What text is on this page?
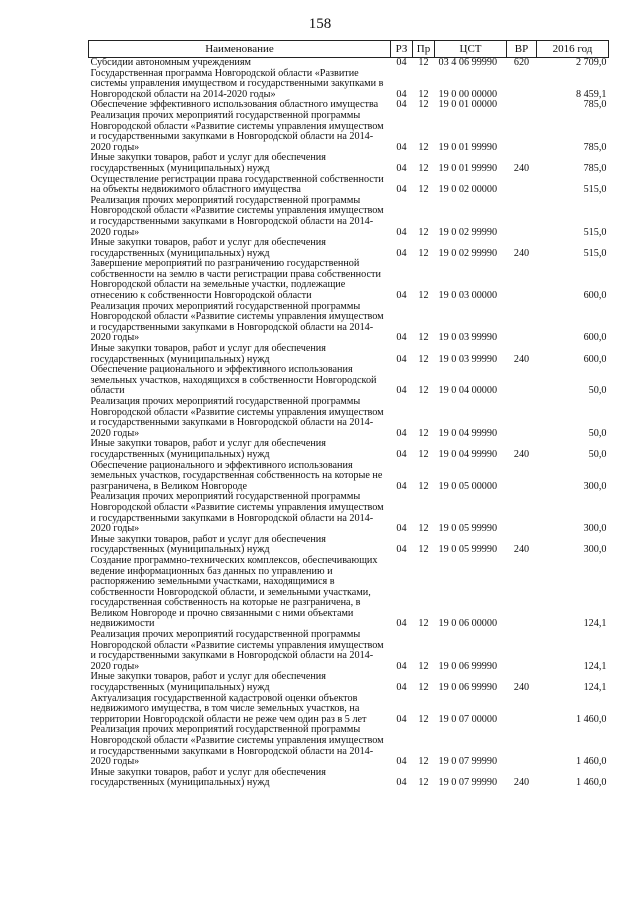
158
Наименование	РЗ	Пр	ЦСТ	ВР	2016 год
Субсидии автономным учреждениям	04	12	03 4 06 99990	620	2 709,0
Государственная программа Новгородской области «Развитие системы управления имуществом и государственными закупками в Новгородской области на 2014-2020 годы»	04	12	19 0 00 00000		8 459,1
Обеспечение эффективного использования областного имущества	04	12	19 0 01 00000		785,0
Реализация прочих мероприятий государственной программы Новгородской области «Развитие системы управления имуществом и государственными закупками в Новгородской области на 2014-2020 годы»	04	12	19 0 01 99990		785,0
Иные закупки товаров, работ и услуг для обеспечения государственных (муниципальных) нужд	04	12	19 0 01 99990	240	785,0
Осуществление регистрации права государственной собственности на объекты недвижимого областного имущества	04	12	19 0 02 00000		515,0
Реализация прочих мероприятий государственной программы Новгородской области «Развитие системы управления имуществом и государственными закупками в Новгородской области на 2014-2020 годы»	04	12	19 0 02 99990		515,0
Иные закупки товаров, работ и услуг для обеспечения государственных (муниципальных) нужд	04	12	19 0 02 99990	240	515,0
Завершение мероприятий по разграничению государственной собственности на землю в части регистрации права собственности Новгородской области на земельные участки, подлежащие отнесению к собственности Новгородской области	04	12	19 0 03 00000		600,0
Реализация прочих мероприятий государственной программы Новгородской области «Развитие системы управления имуществом и государственными закупками в Новгородской области на 2014-2020 годы»	04	12	19 0 03 99990		600,0
Иные закупки товаров, работ и услуг для обеспечения государственных (муниципальных) нужд	04	12	19 0 03 99990	240	600,0
Обеспечение рационального и эффективного использования земельных участков, находящихся в собственности Новгородской области	04	12	19 0 04 00000		50,0
Реализация прочих мероприятий государственной программы Новгородской области «Развитие системы управления имуществом и государственными закупками в Новгородской области на 2014-2020 годы»	04	12	19 0 04 99990		50,0
Иные закупки товаров, работ и услуг для обеспечения государственных (муниципальных) нужд	04	12	19 0 04 99990	240	50,0
Обеспечение рационального и эффективного использования земельных участков, государственная собственность на которые не разграничена, в Великом Новгороде	04	12	19 0 05 00000		300,0
Реализация прочих мероприятий государственной программы Новгородской области «Развитие системы управления имуществом и государственными закупками в Новгородской области на 2014-2020 годы»	04	12	19 0 05 99990		300,0
Иные закупки товаров, работ и услуг для обеспечения государственных (муниципальных) нужд	04	12	19 0 05 99990	240	300,0
Создание программно-технических комплексов, обеспечивающих ведение информационных баз данных по управлению и распоряжению земельными участками, находящимися в собственности Новгородской области, и земельными участками, государственная собственность на которые не разграничена, в Великом Новгороде и прочно связанными с ними объектами недвижимости	04	12	19 0 06 00000		124,1
Реализация прочих мероприятий государственной программы Новгородской области «Развитие системы управления имуществом и государственными закупками в Новгородской области на 2014-2020 годы»	04	12	19 0 06 99990		124,1
Иные закупки товаров, работ и услуг для обеспечения государственных (муниципальных) нужд	04	12	19 0 06 99990	240	124,1
Актуализация государственной кадастровой оценки объектов недвижимого имущества, в том числе земельных участков, на территории Новгородской области не реже чем один раз в 5 лет	04	12	19 0 07 00000		1 460,0
Реализация прочих мероприятий государственной программы Новгородской области «Развитие системы управления имуществом и государственными закупками в Новгородской области на 2014-2020 годы»	04	12	19 0 07 99990		1 460,0
Иные закупки товаров, работ и услуг для обеспечения государственных (муниципальных) нужд	04	12	19 0 07 99990	240	1 460,0
